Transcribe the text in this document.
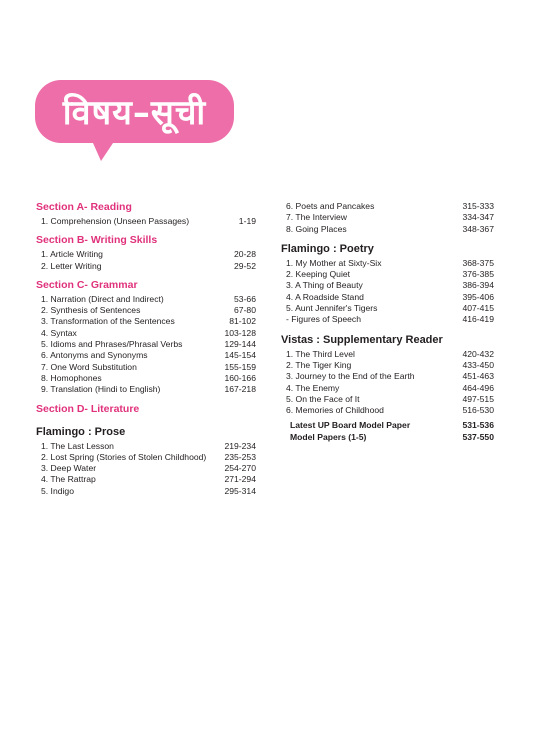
विषय–सूची
Section A- Reading
1. Comprehension (Unseen Passages)	1-19
Section B- Writing Skills
1. Article Writing	20-28
2. Letter Writing	29-52
Section C- Grammar
1. Narration (Direct and Indirect)	53-66
2. Synthesis of Sentences	67-80
3. Transformation of the Sentences	81-102
4. Syntax	103-128
5. Idioms and Phrases/Phrasal Verbs	129-144
6. Antonyms and Synonyms	145-154
7. One Word Substitution	155-159
8. Homophones	160-166
9. Translation (Hindi to English)	167-218
Section D- Literature
Flamingo : Prose
1. The Last Lesson	219-234
2. Lost Spring (Stories of Stolen Childhood) 235-253
3. Deep Water	254-270
4. The Rattrap	271-294
5. Indigo	295-314
6. Poets and Pancakes	315-333
7. The Interview	334-347
8. Going Places	348-367
Flamingo : Poetry
1. My Mother at Sixty-Six	368-375
2. Keeping Quiet	376-385
3. A Thing of Beauty	386-394
4. A Roadside Stand	395-406
5. Aunt Jennifer's Tigers	407-415
- Figures of Speech	416-419
Vistas : Supplementary Reader
1. The Third Level	420-432
2. The Tiger King	433-450
3. Journey to the End of the Earth	451-463
4. The Enemy	464-496
5. On the Face of It	497-515
6. Memories of Childhood	516-530
Latest UP Board Model Paper	531-536
Model Papers (1-5)	537-550
